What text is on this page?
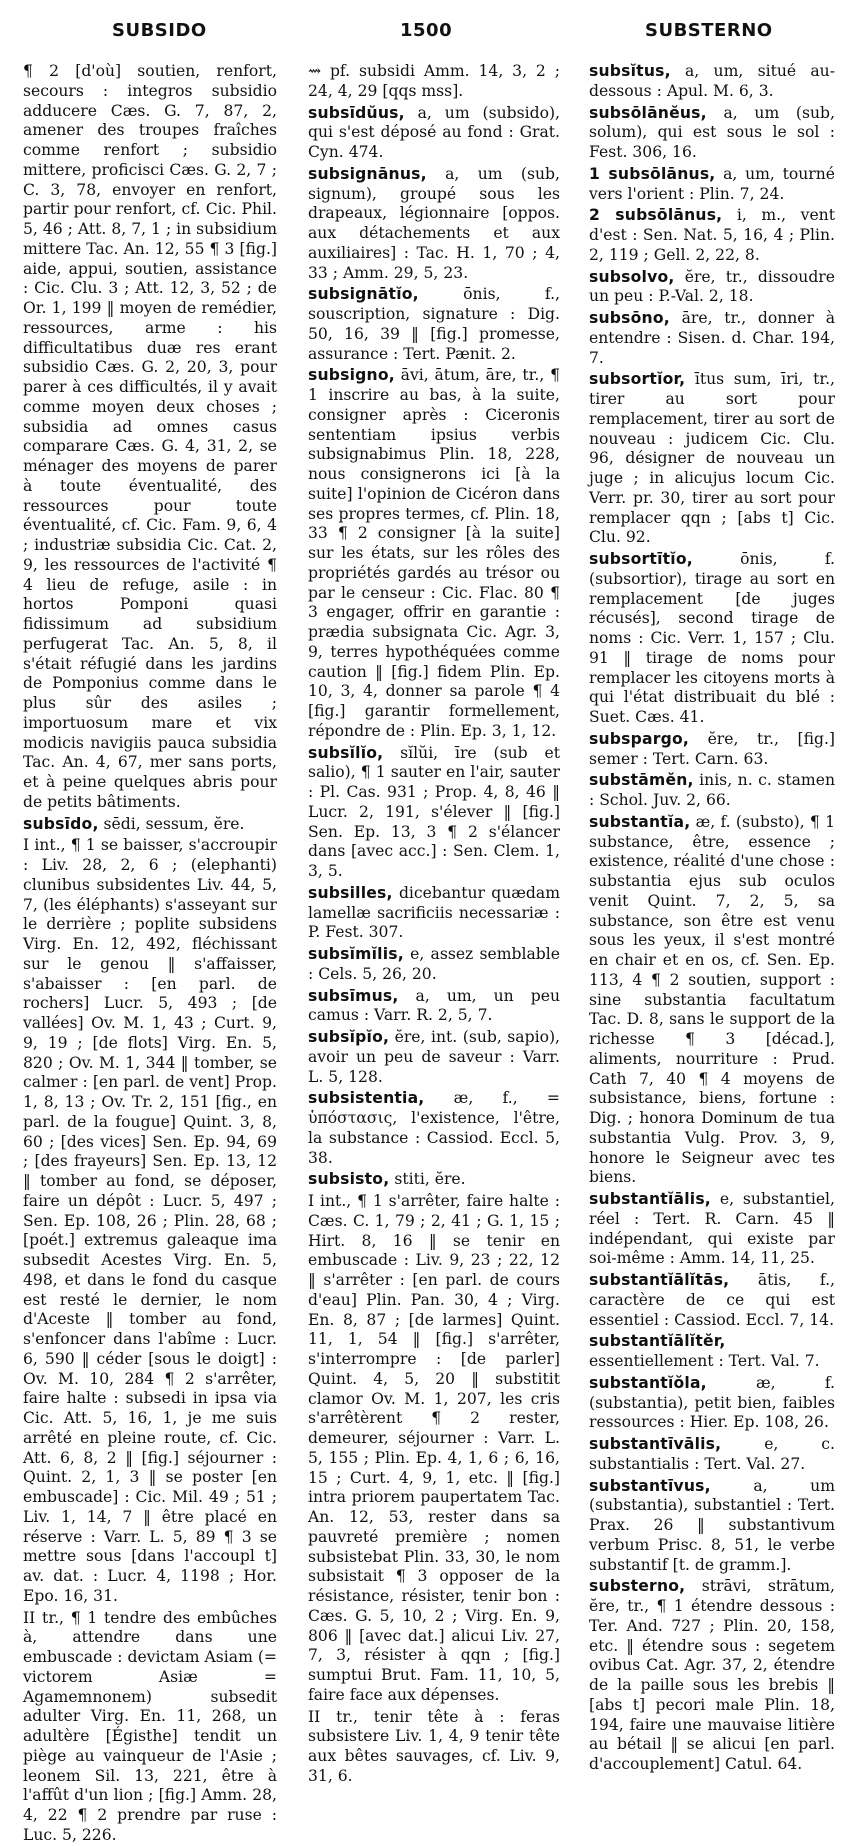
SUBSIDO	1500	SUBSTERNO

¶ 2 [d'où] soutien, renfort, secours : integros subsidio adducere Cæs. G. 7, 87, 2, amener des troupes fraîches comme renfort ; subsidio mittere, proficisci Cæs. G. 2, 7 ; C. 3, 78, envoyer en renfort, partir pour renfort, cf. Cic. Phil. 5, 46 ; Att. 8, 7, 1 ; in subsidium mittere Tac. An. 12, 55 ¶ 3 [fig.] aide, appui, soutien, assistance : Cic. Clu. 3 ; Att. 12, 3, 52 ; de Or. 1, 199 ‖ moyen de remédier, ressources, arme : his difficultatibus duæ res erant subsidio Cæs. G. 2, 20, 3, pour parer à ces difficultés, il y avait comme moyen deux choses ; subsidia ad omnes casus comparare Cæs. G. 4, 31, 2, se ménager des moyens de parer à toute éventualité, des ressources pour toute éventualité, cf. Cic. Fam. 9, 6, 4 ; industriæ subsidia Cic. Cat. 2, 9, les ressources de l'activité ¶ 4 lieu de refuge, asile : in hortos Pomponi quasi fidissimum ad subsidium perfugerat Tac. An. 5, 8, il s'était réfugié dans les jardins de Pomponius comme dans le plus sûr des asiles ; importuosum mare et vix modicis navigiis pauca subsidia Tac. An. 4, 67, mer sans ports, et à peine quelques abris pour de petits bâtiments.

subsīdo, sēdi, sessum, ĕre.

I int., ¶ 1 se baisser, s'accroupir : Liv. 28, 2, 6 ; (elephanti) clunibus subsidentes Liv. 44, 5, 7, (les éléphants) s'asseyant sur le derrière ; poplite subsidens Virg. En. 12, 492, fléchissant sur le genou ‖ s'affaisser, s'abaisser : [en parl. de rochers] Lucr. 5, 493 ; [de vallées] Ov. M. 1, 43 ; Curt. 9, 9, 19 ; [de flots] Virg. En. 5, 820 ; Ov. M. 1, 344 ‖ tomber, se calmer : [en parl. de vent] Prop. 1, 8, 13 ; Ov. Tr. 2, 151 [fig., en parl. de la fougue] Quint. 3, 8, 60 ; [des vices] Sen. Ep. 94, 69 ; [des frayeurs] Sen. Ep. 13, 12 ‖ tomber au fond, se déposer, faire un dépôt : Lucr. 5, 497 ; Sen. Ep. 108, 26 ; Plin. 28, 68 ; [poét.] extremus galeaque ima subsedit Acestes Virg. En. 5, 498, et dans le fond du casque est resté le dernier, le nom d'Aceste ‖ tomber au fond, s'enfoncer dans l'abîme : Lucr. 6, 590 ‖ céder [sous le doigt] : Ov. M. 10, 284 ¶ 2 s'arrêter, faire halte : subsedi in ipsa via Cic. Att. 5, 16, 1, je me suis arrêté en pleine route, cf. Cic. Att. 6, 8, 2 ‖ [fig.] séjourner : Quint. 2, 1, 3 ‖ se poster [en embuscade] : Cic. Mil. 49 ; 51 ; Liv. 1, 14, 7 ‖ être placé en réserve : Varr. L. 5, 89 ¶ 3 se mettre sous [dans l'accoupl t] av. dat. : Lucr. 4, 1198 ; Hor. Epo. 16, 31.

II tr., ¶ 1 tendre des embûches à, attendre dans une embuscade : devictam Asiam (= victorem Asiæ = Agamemnonem) subsedit adulter Virg. En. 11, 268, un adultère [Égisthe] tendit un piège au vainqueur de l'Asie ; leonem Sil. 13, 221, être à l'affût d'un lion ; [fig.] Amm. 28, 4, 22 ¶ 2 prendre par ruse : Luc. 5, 226.

⇝ pf. subsidi Amm. 14, 3, 2 ; 24, 4, 29 [qqs mss].

subsīdŭus, a, um (subsido), qui s'est déposé au fond : Grat. Cyn. 474.

subsignānus, a, um (sub, signum), groupé sous les drapeaux, légionnaire [oppos. aux détachements et aux auxiliaires] : Tac. H. 1, 70 ; 4, 33 ; Amm. 29, 5, 23.

subsignātĭo, ōnis, f., souscription, signature : Dig. 50, 16, 39 ‖ [fig.] promesse, assurance : Tert. Pænit. 2.

subsigno, āvi, ātum, āre, tr., ¶ 1 inscrire au bas, à la suite, consigner après : Ciceronis sententiam ipsius verbis subsignabimus Plin. 18, 228, nous consignerons ici [à la suite] l'opinion de Cicéron dans ses propres termes, cf. Plin. 18, 33 ¶ 2 consigner [à la suite] sur les états, sur les rôles des propriétés gardés au trésor ou par le censeur : Cic. Flac. 80 ¶ 3 engager, offrir en garantie : prædia subsignata Cic. Agr. 3, 9, terres hypothéquées comme caution ‖ [fig.] fidem Plin. Ep. 10, 3, 4, donner sa parole ¶ 4 [fig.] garantir formellement, répondre de : Plin. Ep. 3, 1, 12.

subsĭlĭo, sĭlŭi, īre (sub et salio), ¶ 1 sauter en l'air, sauter : Pl. Cas. 931 ; Prop. 4, 8, 46 ‖ Lucr. 2, 191, s'élever ‖ [fig.] Sen. Ep. 13, 3 ¶ 2 s'élancer dans [avec acc.] : Sen. Clem. 1, 3, 5.

subsilles, dicebantur quædam lamellæ sacrificiis necessariæ : P. Fest. 307.

subsĭmĭlis, e, assez semblable : Cels. 5, 26, 20.

subsīmus, a, um, un peu camus : Varr. R. 2, 5, 7.

subsĭpĭo, ĕre, int. (sub, sapio), avoir un peu de saveur : Varr. L. 5, 128.

subsistentia, æ, f., = ὑπόστασις, l'existence, l'être, la substance : Cassiod. Eccl. 5, 38.

subsisto, stiti, ĕre.

I int., ¶ 1 s'arrêter, faire halte : Cæs. C. 1, 79 ; 2, 41 ; G. 1, 15 ; Hirt. 8, 16 ‖ se tenir en embuscade : Liv. 9, 23 ; 22, 12 ‖ s'arrêter : [en parl. de cours d'eau] Plin. Pan. 30, 4 ; Virg. En. 8, 87 ; [de larmes] Quint. 11, 1, 54 ‖ [fig.] s'arrêter, s'interrompre : [de parler] Quint. 4, 5, 20 ‖ substitit clamor Ov. M. 1, 207, les cris s'arrêtèrent ¶ 2 rester, demeurer, séjourner : Varr. L. 5, 155 ; Plin. Ep. 4, 1, 6 ; 6, 16, 15 ; Curt. 4, 9, 1, etc. ‖ [fig.] intra priorem paupertatem Tac. An. 12, 53, rester dans sa pauvreté première ; nomen subsistebat Plin. 33, 30, le nom subsistait ¶ 3 opposer de la résistance, résister, tenir bon : Cæs. G. 5, 10, 2 ; Virg. En. 9, 806 ‖ [avec dat.] alicui Liv. 27, 7, 3, résister à qqn ; [fig.] sumptui Brut. Fam. 11, 10, 5, faire face aux dépenses.

II tr., tenir tête à : feras subsistere Liv. 1, 4, 9 tenir tête aux bêtes sauvages, cf. Liv. 9, 31, 6.

subsĭtus, a, um, situé au-dessous : Apul. M. 6, 3.

subsōlānĕus, a, um (sub, solum), qui est sous le sol : Fest. 306, 16.

1 subsōlānus, a, um, tourné vers l'orient : Plin. 7, 24.

2 subsōlānus, i, m., vent d'est : Sen. Nat. 5, 16, 4 ; Plin. 2, 119 ; Gell. 2, 22, 8.

subsolvo, ĕre, tr., dissoudre un peu : P.-Val. 2, 18.

subsōno, āre, tr., donner à entendre : Sisen. d. Char. 194, 7.

subsortĭor, ītus sum, īri, tr., tirer au sort pour remplacement, tirer au sort de nouveau : judicem Cic. Clu. 96, désigner de nouveau un juge ; in alicujus locum Cic. Verr. pr. 30, tirer au sort pour remplacer qqn ; [abs t] Cic. Clu. 92.

subsortītĭo, ōnis, f. (subsortior), tirage au sort en remplacement [de juges récusés], second tirage de noms : Cic. Verr. 1, 157 ; Clu. 91 ‖ tirage de noms pour remplacer les citoyens morts à qui l'état distribuait du blé : Suet. Cæs. 41.

subspargo, ĕre, tr., [fig.] semer : Tert. Carn. 63.

substāmĕn, inis, n. c. stamen : Schol. Juv. 2, 66.

substantĭa, æ, f. (substo), ¶ 1 substance, être, essence ; existence, réalité d'une chose : substantia ejus sub oculos venit Quint. 7, 2, 5, sa substance, son être est venu sous les yeux, il s'est montré en chair et en os, cf. Sen. Ep. 113, 4 ¶ 2 soutien, support : sine substantia facultatum Tac. D. 8, sans le support de la richesse ¶ 3 [décad.], aliments, nourriture : Prud. Cath 7, 40 ¶ 4 moyens de subsistance, biens, fortune : Dig. ; honora Dominum de tua substantia Vulg. Prov. 3, 9, honore le Seigneur avec tes biens.

substantĭālis, e, substantiel, réel : Tert. R. Carn. 45 ‖ indépendant, qui existe par soi-même : Amm. 14, 11, 25.

substantĭālĭtās, ātis, f., caractère de ce qui est essentiel : Cassiod. Eccl. 7, 14.

substantĭālĭtĕr, essentiellement : Tert. Val. 7.

substantĭŏla, æ, f. (substantia), petit bien, faibles ressources : Hier. Ep. 108, 26.

substantīvālis, e, c. substantialis : Tert. Val. 27.

substantīvus, a, um (substantia), substantiel : Tert. Prax. 26 ‖ substantivum verbum Prisc. 8, 51, le verbe substantif [t. de gramm.].

substerno, strāvi, strātum, ĕre, tr., ¶ 1 étendre dessous : Ter. And. 727 ; Plin. 20, 158, etc. ‖ étendre sous : segetem ovibus Cat. Agr. 37, 2, étendre de la paille sous les brebis ‖ [abs t] pecori male Plin. 18, 194, faire une mauvaise litière au bétail ‖ se alicui [en parl. d'accouplement] Catul. 64.
